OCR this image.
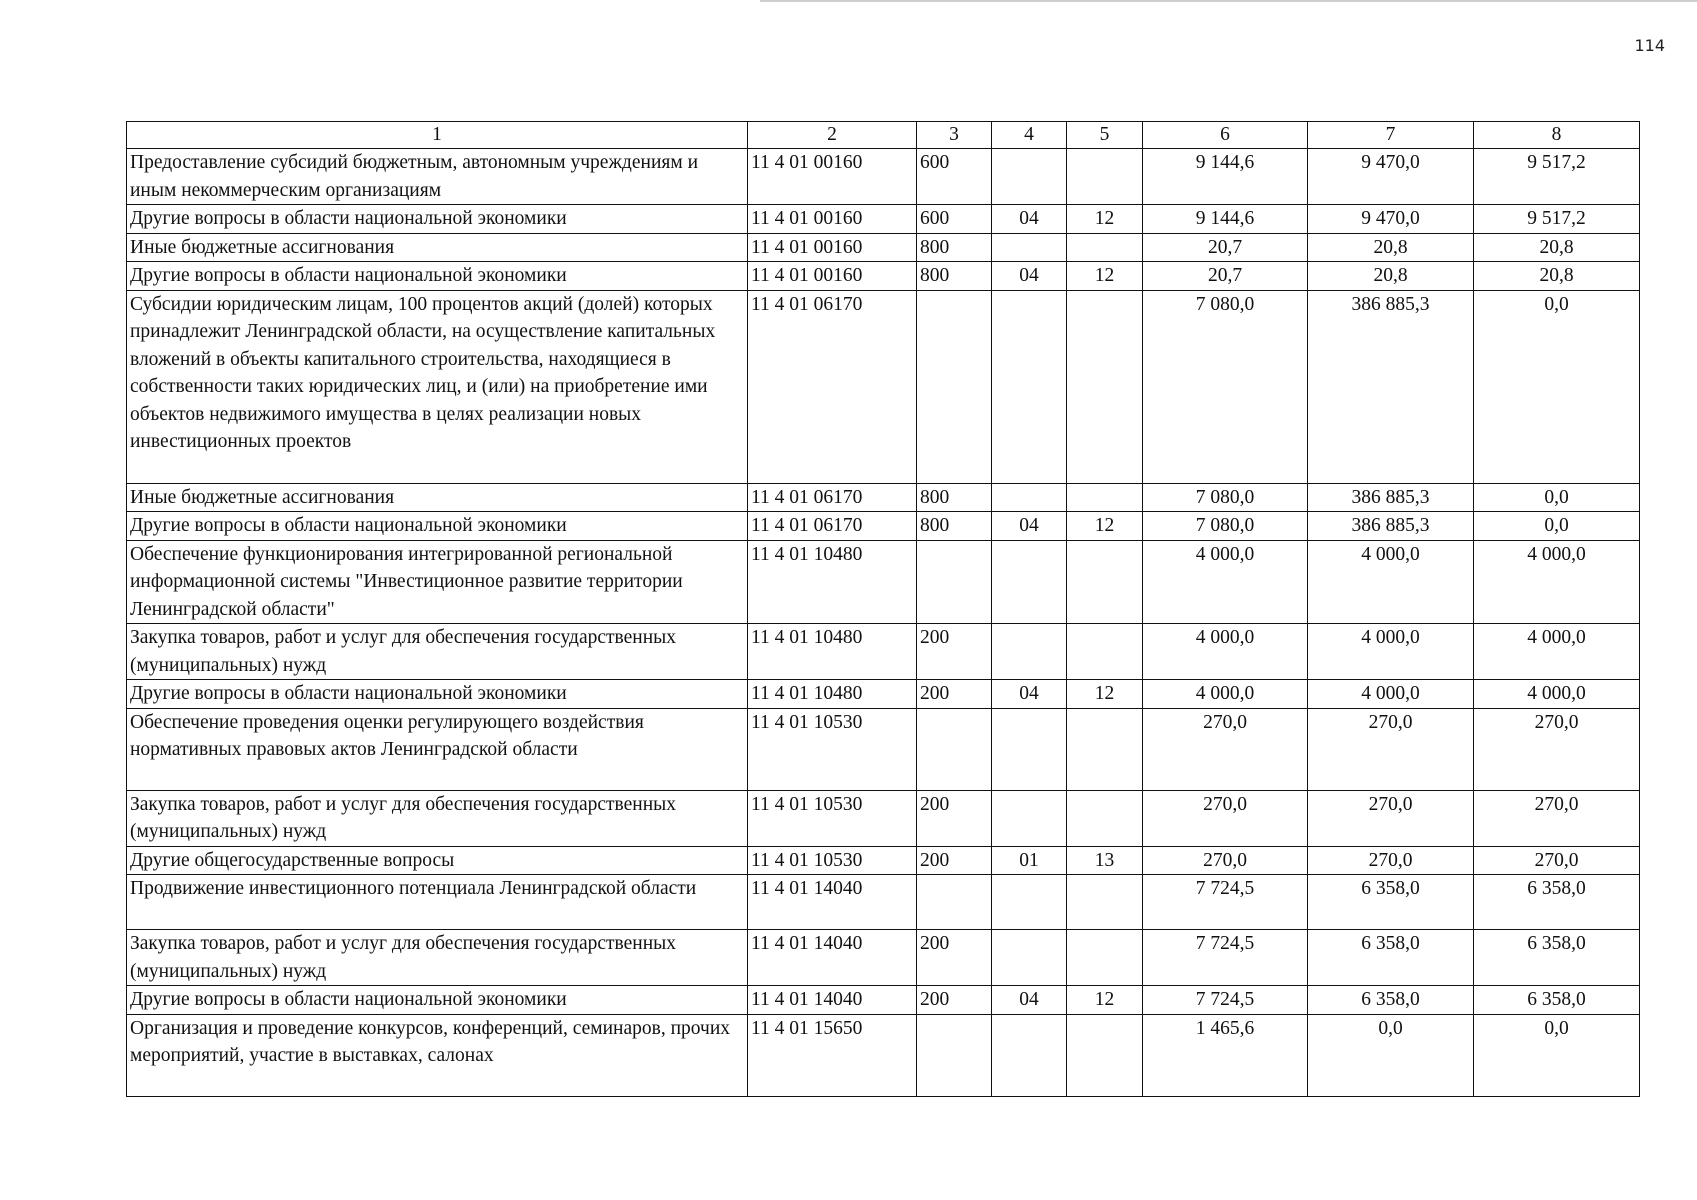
114
1	2	3	4	5	6	7	8
Предоставление субсидий бюджетным, автономным учреждениям и иным некоммерческим организациям	11 4 01 00160	600			9 144,6	9 470,0	9 517,2
Другие вопросы в области национальной экономики	11 4 01 00160	600	04	12	9 144,6	9 470,0	9 517,2
Иные бюджетные ассигнования	11 4 01 00160	800			20,7	20,8	20,8
Другие вопросы в области национальной экономики	11 4 01 00160	800	04	12	20,7	20,8	20,8
Субсидии юридическим лицам, 100 процентов акций (долей) которых принадлежит Ленинградской области, на осуществление капитальных вложений в объекты капитального строительства, находящиеся в собственности таких юридических лиц, и (или) на приобретение ими объектов недвижимого имущества в целях реализации новых инвестиционных проектов	11 4 01 06170				7 080,0	386 885,3	0,0
Иные бюджетные ассигнования	11 4 01 06170	800			7 080,0	386 885,3	0,0
Другие вопросы в области национальной экономики	11 4 01 06170	800	04	12	7 080,0	386 885,3	0,0
Обеспечение функционирования интегрированной региональной информационной системы "Инвестиционное развитие территории Ленинградской области"	11 4 01 10480				4 000,0	4 000,0	4 000,0
Закупка товаров, работ и услуг для обеспечения государственных (муниципальных) нужд	11 4 01 10480	200			4 000,0	4 000,0	4 000,0
Другие вопросы в области национальной экономики	11 4 01 10480	200	04	12	4 000,0	4 000,0	4 000,0
Обеспечение проведения оценки регулирующего воздействия нормативных правовых актов Ленинградской области	11 4 01 10530				270,0	270,0	270,0
Закупка товаров, работ и услуг для обеспечения государственных (муниципальных) нужд	11 4 01 10530	200			270,0	270,0	270,0
Другие общегосударственные вопросы	11 4 01 10530	200	01	13	270,0	270,0	270,0
Продвижение инвестиционного потенциала Ленинградской области	11 4 01 14040				7 724,5	6 358,0	6 358,0
Закупка товаров, работ и услуг для обеспечения государственных (муниципальных) нужд	11 4 01 14040	200			7 724,5	6 358,0	6 358,0
Другие вопросы в области национальной экономики	11 4 01 14040	200	04	12	7 724,5	6 358,0	6 358,0
Организация и проведение конкурсов, конференций, семинаров, прочих мероприятий, участие в выставках, салонах	11 4 01 15650				1 465,6	0,0	0,0
